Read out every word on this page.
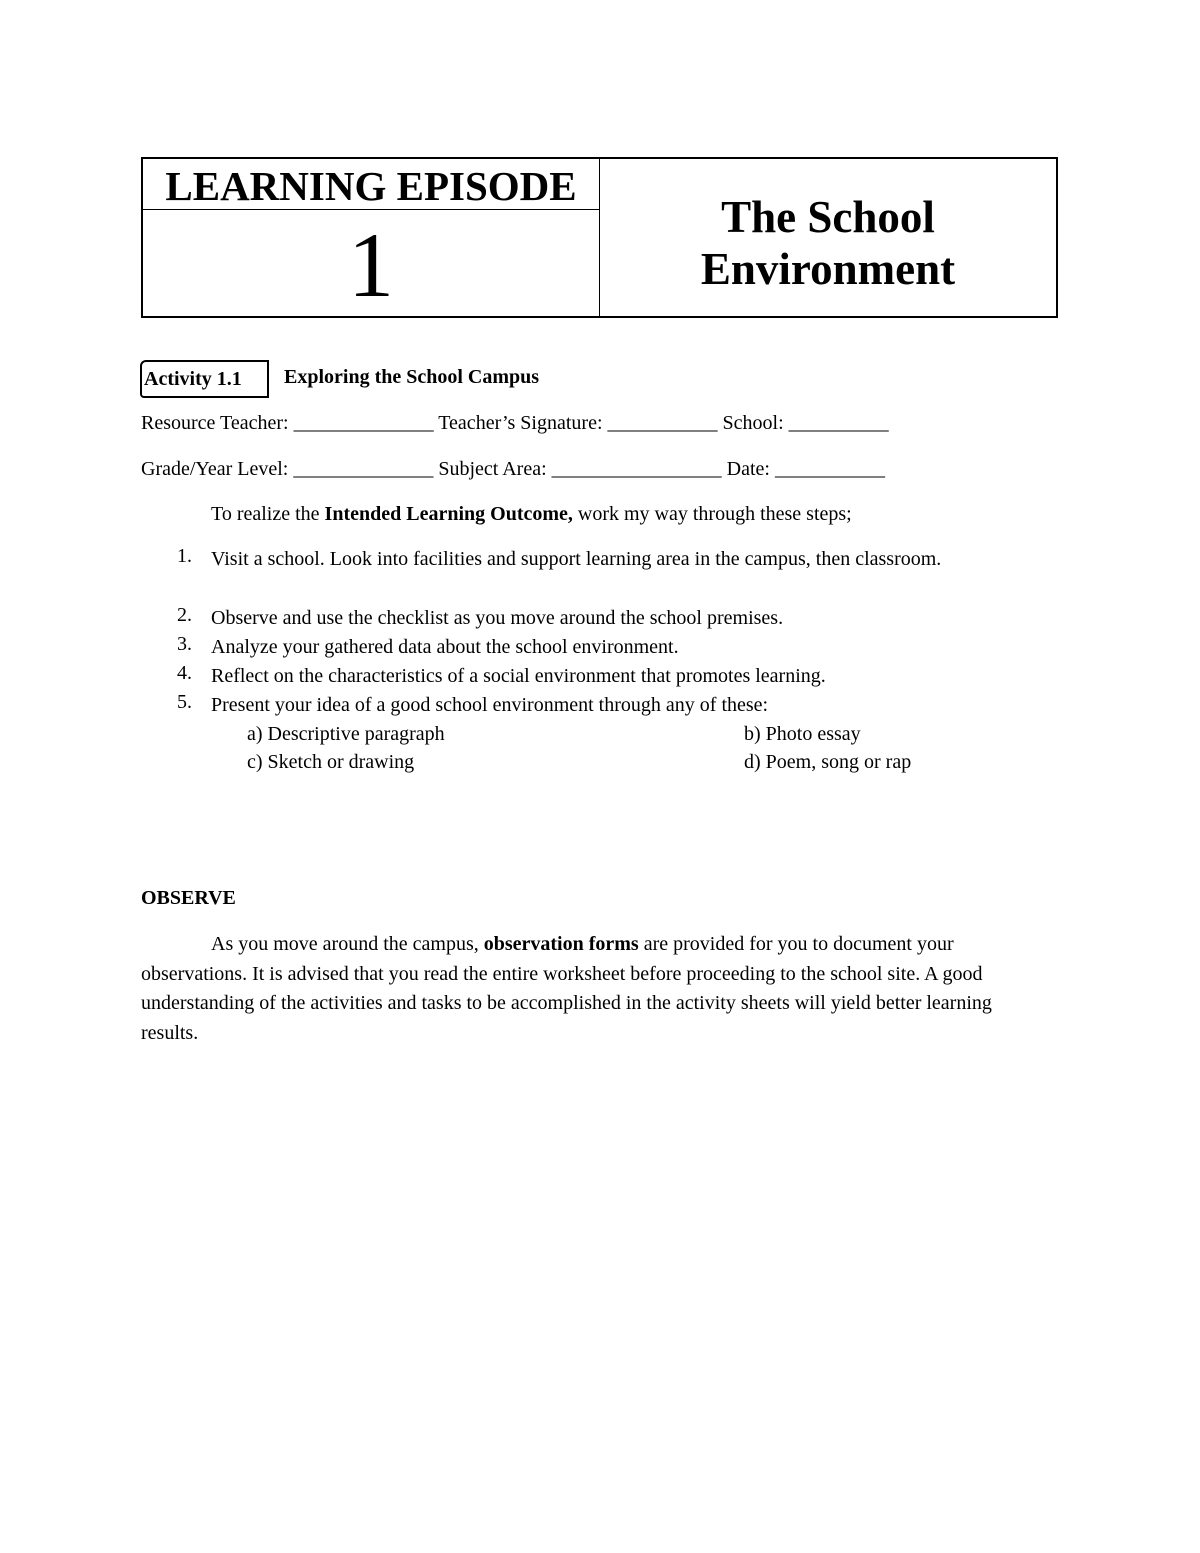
LEARNING EPISODE
1	The School
Environment
Activity 1.1 Exploring the School Campus
Resource Teacher: ______________ Teacher’s Signature: ___________ School: __________
Grade/Year Level: ______________ Subject Area: _________________ Date: ___________
To realize the Intended Learning Outcome, work my way through these steps;
1. Visit a school. Look into facilities and support learning area in the campus, then classroom.
2. Observe and use the checklist as you move around the school premises.
3. Analyze your gathered data about the school environment.
4. Reflect on the characteristics of a social environment that promotes learning.
5. Present your idea of a good school environment through any of these:
a) Descriptive paragraph	b) Photo essay
c) Sketch or drawing	d) Poem, song or rap
OBSERVE
As you move around the campus, observation forms are provided for you to document your observations. It is advised that you read the entire worksheet before proceeding to the school site. A good understanding of the activities and tasks to be accomplished in the activity sheets will yield better learning results.
